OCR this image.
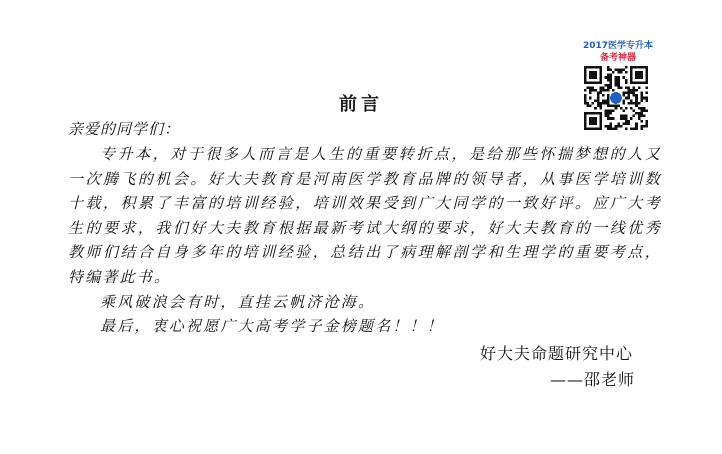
2017医学专升本
备考神器
前言
亲爱的同学们：

专升本，对于很多人而言是人生的重要转折点，是给那些怀揣梦想的人又一次腾飞的机会。好大夫教育是河南医学教育品牌的领导者，从事医学培训数十载，积累了丰富的培训经验，培训效果受到广大同学的一致好评。应广大考生的要求，我们好大夫教育根据最新考试大纲的要求，好大夫教育的一线优秀教师们结合自身多年的培训经验，总结出了病理解剖学和生理学的重要考点，特编著此书。

乘风破浪会有时，直挂云帆济沧海。

最后，衷心祝愿广大高考学子金榜题名！！！

好大夫命题研究中心
——邵老师
